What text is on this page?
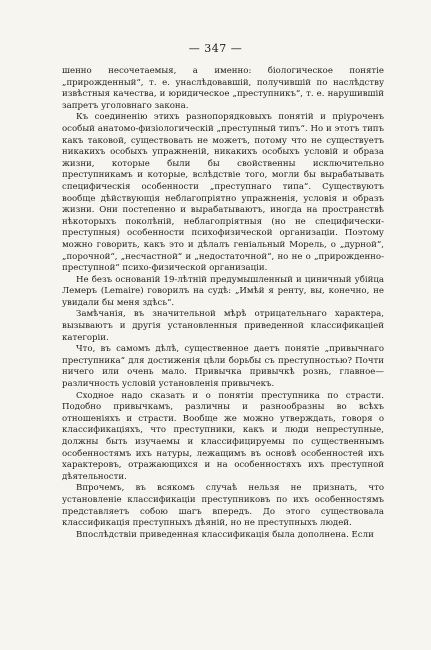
— 347 —

шенно несочетаемыя, а именно: біологическое понятіе „прирожденный“, т. е. унаслѣдовавшій, получившій по наслѣдству извѣстныя качества, и юридическое „преступникъ“, т. е. нарушившій запретъ уголовнаго закона.

Къ соединенію этихъ разнопорядковыхъ понятій и пріуроченъ особый анатомо-физіологическій „преступный типъ“. Но и этотъ типъ какъ таковой, существовать не можетъ, потому что не существуетъ никакихъ особыхъ упражненій, никакихъ особыхъ условій и образа жизни, которые были бы свойственны исключительно преступникамъ и которые, вслѣдствіе того, могли бы вырабатывать специфическія особенности „преступнаго типа“. Существуютъ вообще дѣйствующія неблагопріятно упражненія, условія и образъ жизни. Они постепенно и вырабатываютъ, иногда на пространствѣ нѣкоторыхъ поколѣній, неблагопріятныя (но не специфически-преступныя) особенности психофизической организаціи. Поэтому можно говорить, какъ это и дѣлалъ геніальный Морель, о „дурной“, „порочной“, „несчастной“ и „недостаточной“, но не о „прирожденно-преступной“ психо-физической организаціи.

Не безъ основаній 19-лѣтній предумышленный и циничный убійца Лемеръ (Lemaire) говорилъ на судѣ: „Имѣй я ренту, вы, конечно, не увидали бы меня здѣсь“.

Замѣчанія, въ значительной мѣрѣ отрицательнаго характера, вызываютъ и другія установленныя приведенной классификаціей категоріи.

Что, въ самомъ дѣлѣ, существенное даетъ понятіе „привычнаго преступника“ для достиженія цѣли борьбы съ преступностью? Почти ничего или очень мало. Привычка привычкѣ рознь, главное—различность условій установленія привычекъ.

Сходное надо сказать и о понятіи преступника по страсти. Подобно привычкамъ, различны и разнообразны во всѣхъ отношеніяхъ и страсти. Вообще же можно утверждать, говоря о классификаціяхъ, что преступники, какъ и люди непреступные, должны быть изучаемы и классифицируемы по существеннымъ особенностямъ ихъ натуры, лежащимъ въ основѣ особенностей ихъ характеровъ, отражающихся и на особенностяхъ ихъ преступной дѣятельности.

Впрочемъ, въ всякомъ случаѣ нельзя не признать, что установленіе классификаціи преступниковъ по ихъ особенностямъ представляетъ собою шагъ впередъ. До этого существовала классификація преступныхъ дѣяній, но не преступныхъ людей.

Впослѣдствіи приведенная классификація была дополнена. Если
